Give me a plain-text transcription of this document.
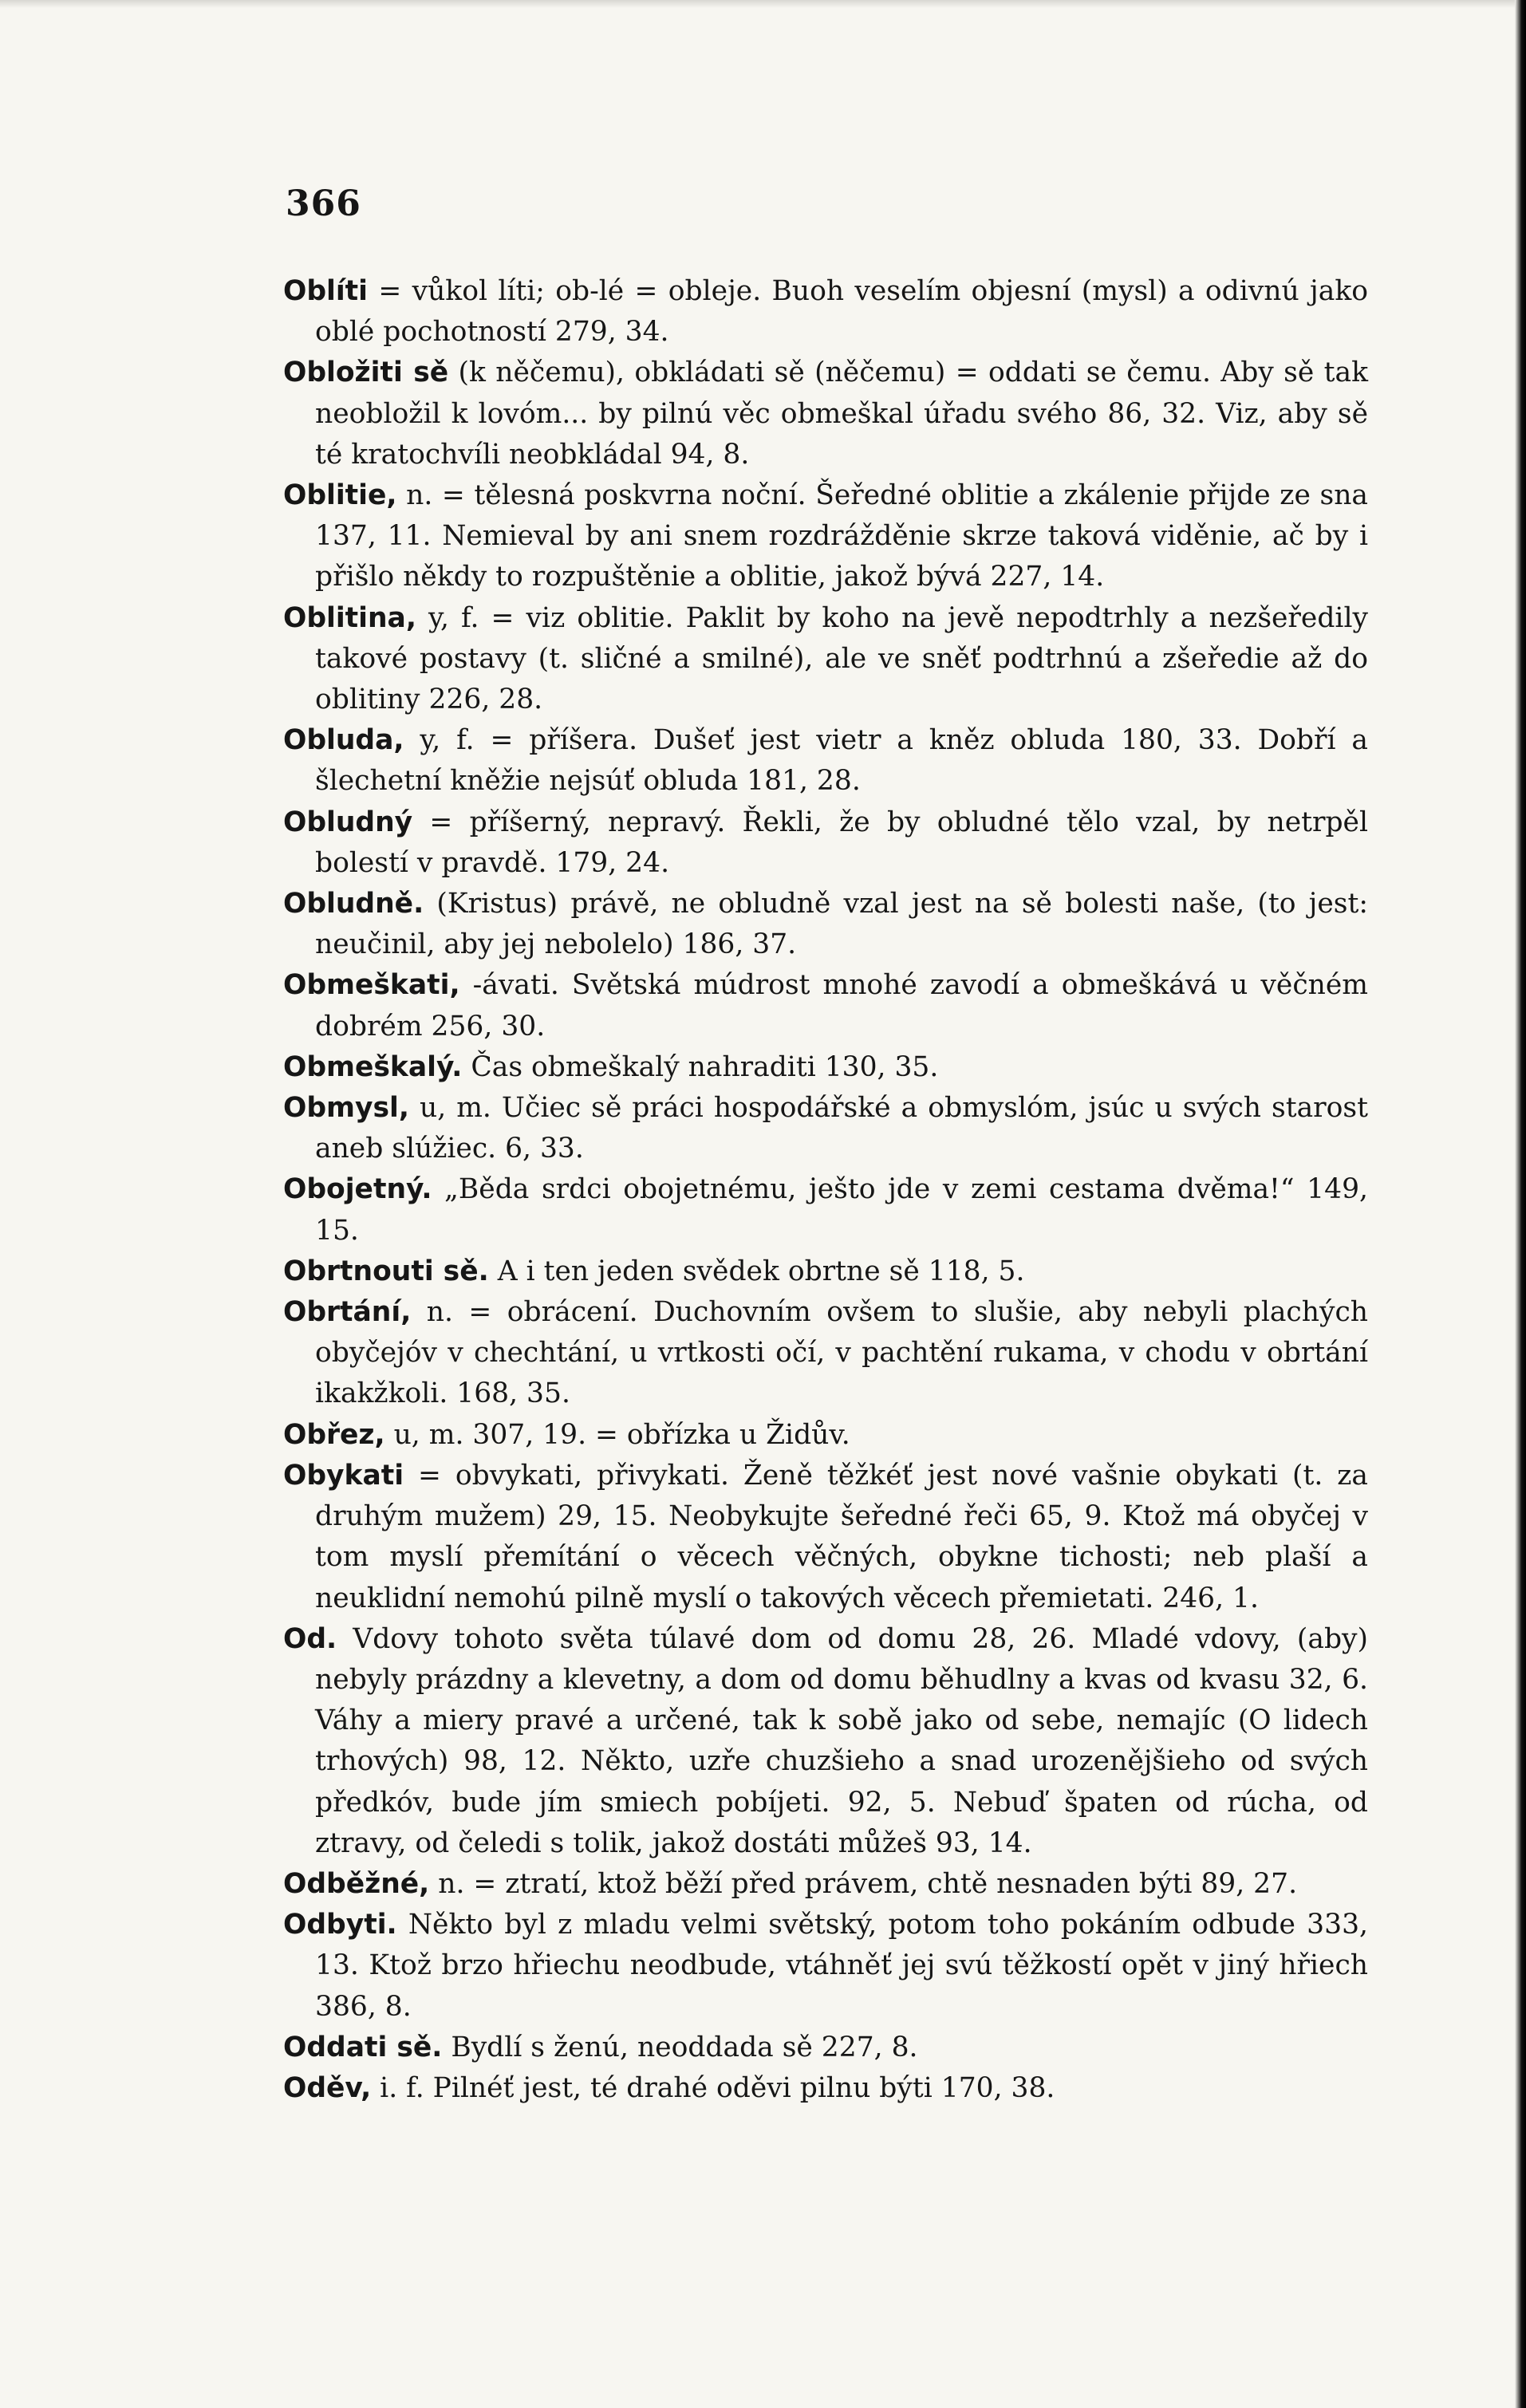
366

Oblíti = vůkol líti; ob-lé = obleje. Buoh veselím objesní (mysl) a odivnú jako oblé pochotností 279, 34.

Obložiti sě (k něčemu), obkládati sě (něčemu) = oddati se čemu. Aby sě tak neobložil k lovóm... by pilnú věc obmeškal úřadu svého 86, 32. Viz, aby sě té kratochvíli neobkládal 94, 8.

Oblitie, n. = tělesná poskvrna noční. Šeředné oblitie a zkálenie přijde ze sna 137, 11. Nemieval by ani snem rozdrážděnie skrze taková viděnie, ač by i přišlo někdy to rozpuštěnie a oblitie, jakož bývá 227, 14.

Oblitina, y, f. = viz oblitie. Paklit by koho na jevě nepodtrhly a nezšeředily takové postavy (t. sličné a smilné), ale ve sněť podtrhnú a zšeředie až do oblitiny 226, 28.

Obluda, y, f. = příšera. Dušeť jest vietr a kněz obluda 180, 33. Dobří a šlechetní kněžie nejsúť obluda 181, 28.

Obludný = příšerný, nepravý. Řekli, že by obludné tělo vzal, by netrpěl bolestí v pravdě. 179, 24.

Obludně. (Kristus) právě, ne obludně vzal jest na sě bolesti naše, (to jest: neučinil, aby jej nebolelo) 186, 37.

Obmeškati, -ávati. Světská múdrost mnohé zavodí a obmeškává u věčném dobrém 256, 30.

Obmeškalý. Čas obmeškalý nahraditi 130, 35.

Obmysl, u, m. Učiec sě práci hospodářské a obmyslóm, jsúc u svých starost aneb slúžiec. 6, 33.

Obojetný. „Běda srdci obojetnému, ješto jde v zemi cestama dvěma!“ 149, 15.

Obrtnouti sě. A i ten jeden svědek obrtne sě 118, 5.

Obrtání, n. = obrácení. Duchovním ovšem to slušie, aby nebyli plachých obyčejóv v chechtání, u vrtkosti očí, v pachtění rukama, v chodu v obrtání ikakžkoli. 168, 35.

Obřez, u, m. 307, 19. = obřízka u Židův.

Obykati = obvykati, přivykati. Ženě těžkéť jest nové vašnie obykati (t. za druhým mužem) 29, 15. Neobykujte šeředné řeči 65, 9. Ktož má obyčej v tom myslí přemítání o věcech věčných, obykne tichosti; neb plaší a neuklidní nemohú pilně myslí o takových věcech přemietati. 246, 1.

Od. Vdovy tohoto světa túlavé dom od domu 28, 26. Mladé vdovy, (aby) nebyly prázdny a klevetny, a dom od domu běhudlny a kvas od kvasu 32, 6. Váhy a miery pravé a určené, tak k sobě jako od sebe, nemajíc (O lidech trhových) 98, 12. Někto, uzře chuzšieho a snad urozenějšieho od svých předkóv, bude jím smiech pobíjeti. 92, 5. Nebuď špaten od rúcha, od ztravy, od čeledi s tolik, jakož dostáti můžeš 93, 14.

Odběžné, n. = ztratí, ktož běží před právem, chtě nesnaden býti 89, 27.

Odbyti. Někto byl z mladu velmi světský, potom toho pokáním odbude 333, 13. Ktož brzo hřiechu neodbude, vtáhněť jej svú těžkostí opět v jiný hřiech 386, 8.

Oddati sě. Bydlí s ženú, neoddada sě 227, 8.

Oděv, i. f. Pilnéť jest, té drahé oděvi pilnu býti 170, 38.
